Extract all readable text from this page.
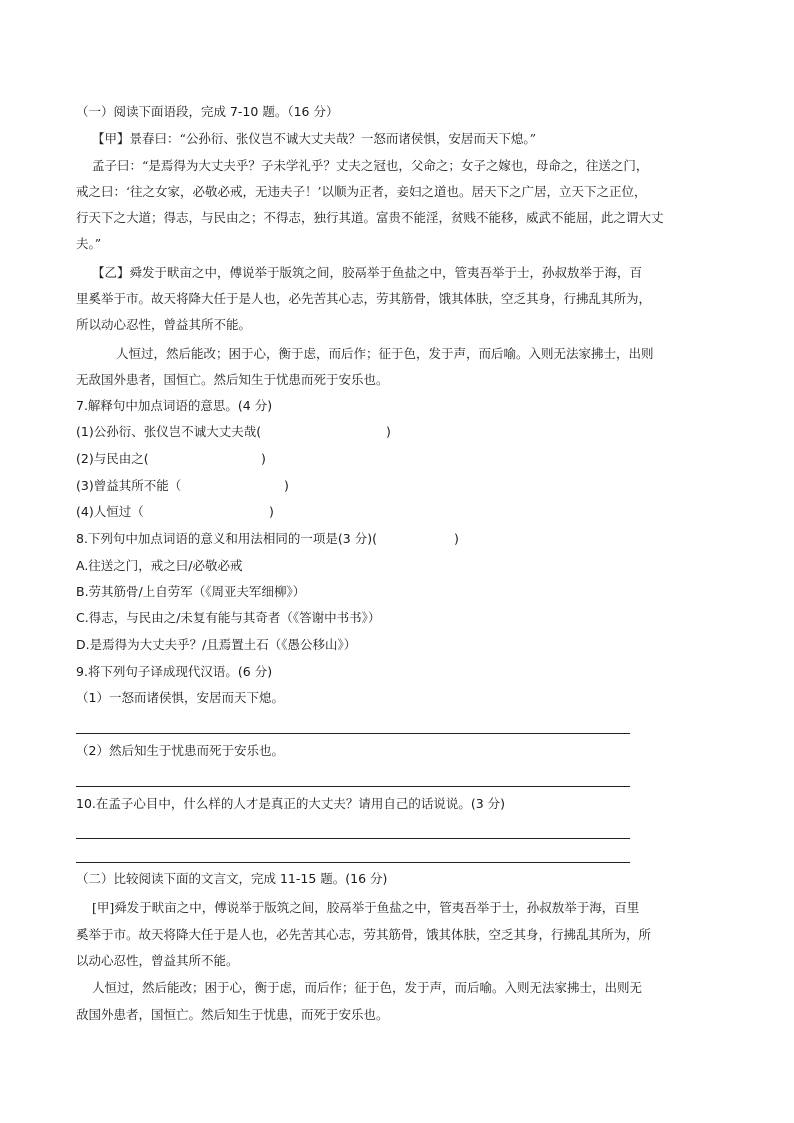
（一）阅读下面语段，完成 7-10 题。（16 分）
【甲】景春曰：“公孙衍、张仪岂不诚大丈夫哉？一怒而诸侯惧，安居而天下熄。”
孟子曰：“是焉得为大丈夫乎？子未学礼乎？丈夫之冠也，父命之；女子之嫁也，母命之，往送之门，
戒之曰：‘往之女家，必敬必戒，无违夫子！’以顺为正者，妾妇之道也。居天下之广居，立天下之正位，
行天下之大道；得志，与民由之；不得志，独行其道。富贵不能淫，贫贱不能移，威武不能屈，此之谓大丈
夫。”
【乙】舜发于畎亩之中，傅说举于版筑之间，胶鬲举于鱼盐之中，管夷吾举于士，孙叔敖举于海，百
里奚举于市。故天将降大任于是人也，必先苦其心志，劳其筋骨，饿其体肤，空乏其身，行拂乱其所为，
所以动心忍性，曾益其所不能。
人恒过，然后能改；困于心，衡于虑，而后作；征于色，发于声，而后喻。入则无法家拂士，出则
无敌国外患者，国恒亡。然后知生于忧患而死于安乐也。
7.解释句中加点词语的意思。(4 分)
(1)公孙衍、张仪岂不诚大丈夫哉(	)
(2)与民由之(	)
(3)曾益其所不能（	)
(4)人恒过（	)
8.下列句中加点词语的意义和用法相同的一项是(3 分)(	)
A.往送之门，戒之曰/必敬必戒
B.劳其筋骨/上自劳军（《周亚夫军细柳》）
C.得志，与民由之/未复有能与其奇者（《答谢中书书》）
D.是焉得为大丈夫乎？/且焉置土石（《愚公移山》）
9.将下列句子译成现代汉语。(6 分)
（1）一怒而诸侯惧，安居而天下熄。
（2）然后知生于忧患而死于安乐也。
10.在孟子心目中，什么样的人才是真正的大丈夫？请用自己的话说说。(3 分)
（二）比较阅读下面的文言文，完成 11-15 题。(16 分)
[甲]舜发于畎亩之中，傅说举于版筑之间，胶鬲举于鱼盐之中，管夷吾举于士，孙叔敖举于海，百里
奚举于市。故天将降大任于是人也，必先苦其心志，劳其筋骨，饿其体肤，空乏其身，行拂乱其所为，所
以动心忍性，曾益其所不能。
人恒过，然后能改；困于心，衡于虑，而后作；征于色，发于声，而后喻。入则无法家拂士，出则无
敌国外患者，国恒亡。然后知生于忧患，而死于安乐也。
